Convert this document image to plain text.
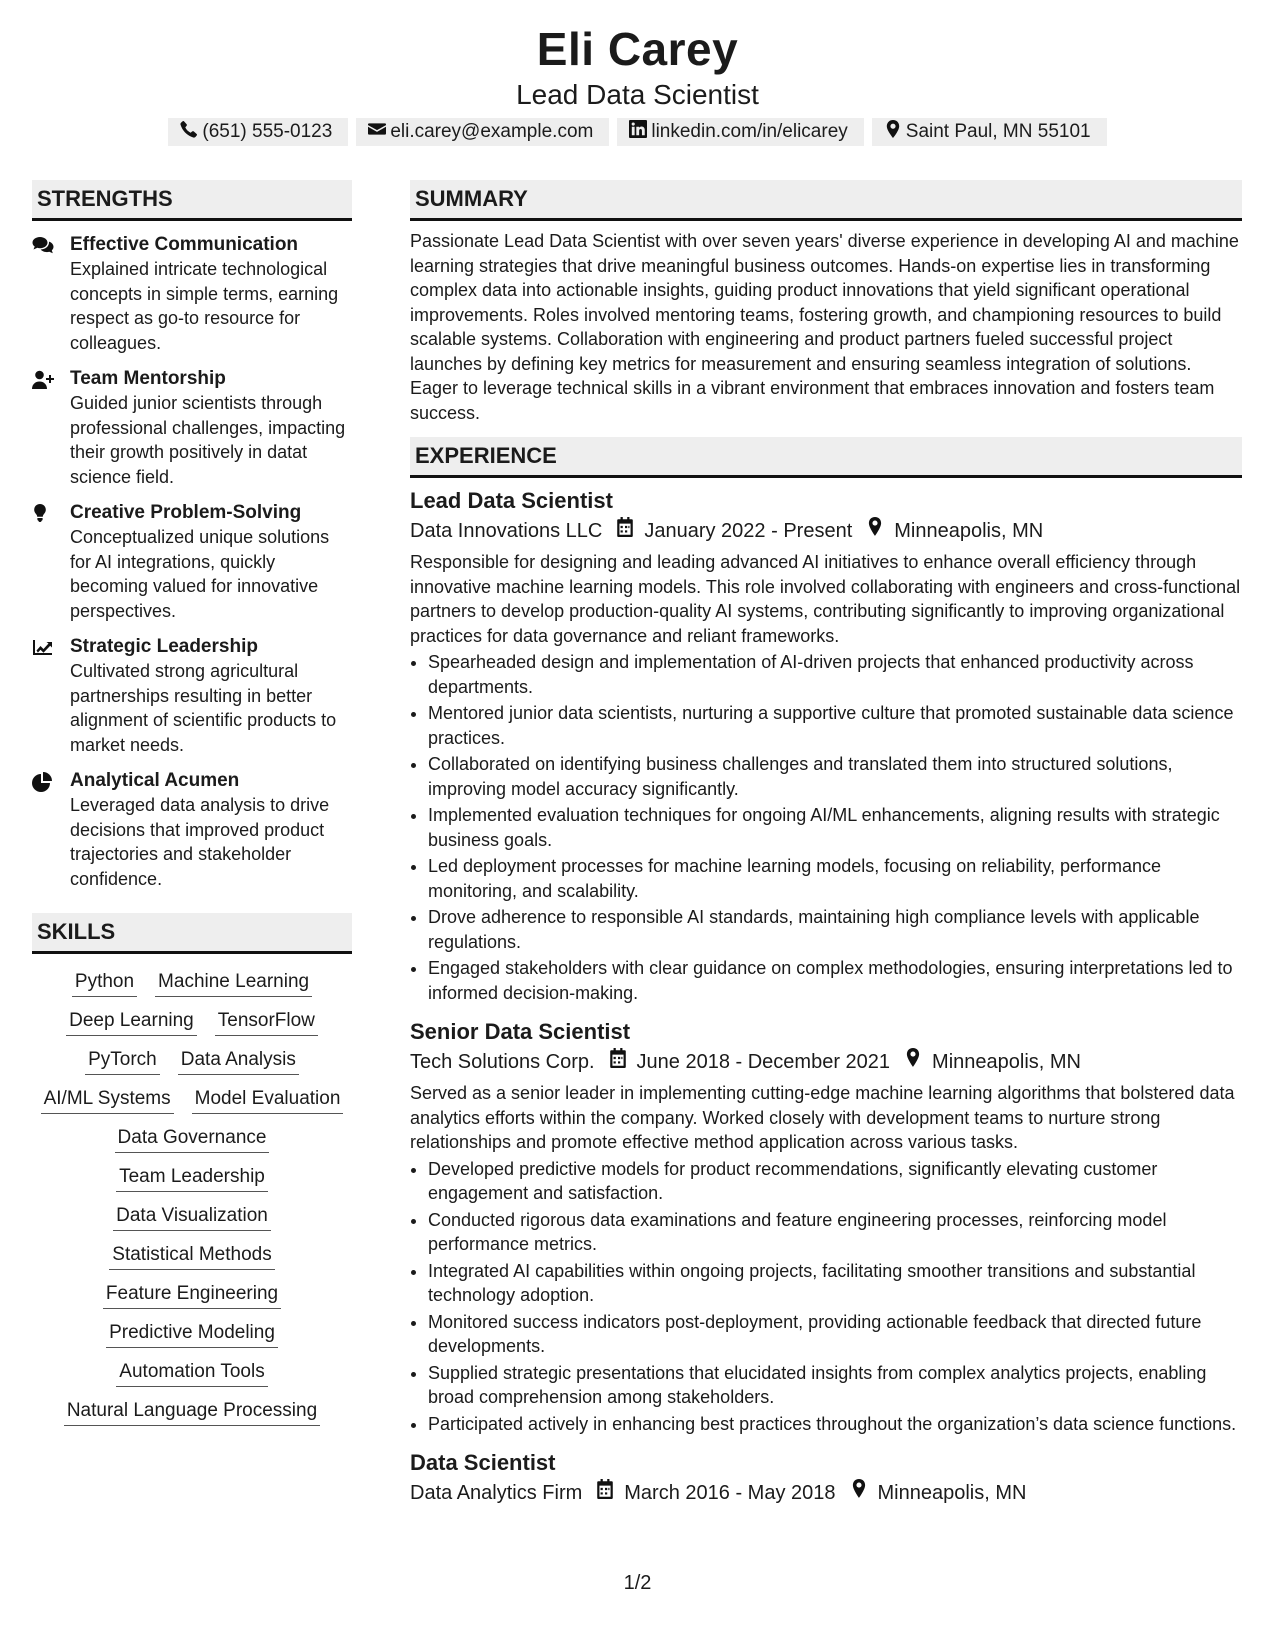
Eli Carey
Lead Data Scientist
(651) 555-0123	eli.carey@example.com	linkedin.com/in/elicarey	Saint Paul, MN 55101
STRENGTHS
Effective Communication
Explained intricate technological concepts in simple terms, earning respect as go-to resource for colleagues.
Team Mentorship
Guided junior scientists through professional challenges, impacting their growth positively in datat science field.
Creative Problem-Solving
Conceptualized unique solutions for AI integrations, quickly becoming valued for innovative perspectives.
Strategic Leadership
Cultivated strong agricultural partnerships resulting in better alignment of scientific products to market needs.
Analytical Acumen
Leveraged data analysis to drive decisions that improved product trajectories and stakeholder confidence.
SKILLS
Python Machine Learning
Deep Learning TensorFlow
PyTorch Data Analysis
AI/ML Systems Model Evaluation
Data Governance
Team Leadership
Data Visualization
Statistical Methods
Feature Engineering
Predictive Modeling
Automation Tools
Natural Language Processing
SUMMARY

Passionate Lead Data Scientist with over seven years' diverse experience in developing AI and machine learning strategies that drive meaningful business outcomes. Hands-on expertise lies in transforming complex data into actionable insights, guiding product innovations that yield significant operational improvements. Roles involved mentoring teams, fostering growth, and championing resources to build scalable systems. Collaboration with engineering and product partners fueled successful project launches by defining key metrics for measurement and ensuring seamless integration of solutions. Eager to leverage technical skills in a vibrant environment that embraces innovation and fosters team success.

EXPERIENCE
Lead Data Scientist
Data Innovations LLC January 2022 - Present Minneapolis, MN
Responsible for designing and leading advanced AI initiatives to enhance overall efficiency through innovative machine learning models. This role involved collaborating with engineers and cross-functional partners to develop production-quality AI systems, contributing significantly to improving organizational practices for data governance and reliant frameworks.
• Spearheaded design and implementation of AI-driven projects that enhanced productivity across departments.
• Mentored junior data scientists, nurturing a supportive culture that promoted sustainable data science practices.
• Collaborated on identifying business challenges and translated them into structured solutions, improving model accuracy significantly.
• Implemented evaluation techniques for ongoing AI/ML enhancements, aligning results with strategic business goals.
• Led deployment processes for machine learning models, focusing on reliability, performance monitoring, and scalability.
• Drove adherence to responsible AI standards, maintaining high compliance levels with applicable regulations.
• Engaged stakeholders with clear guidance on complex methodologies, ensuring interpretations led to informed decision-making.
Senior Data Scientist
Tech Solutions Corp. June 2018 - December 2021 Minneapolis, MN
Served as a senior leader in implementing cutting-edge machine learning algorithms that bolstered data analytics efforts within the company. Worked closely with development teams to nurture strong relationships and promote effective method application across various tasks.
• Developed predictive models for product recommendations, significantly elevating customer engagement and satisfaction.
• Conducted rigorous data examinations and feature engineering processes, reinforcing model performance metrics.
• Integrated AI capabilities within ongoing projects, facilitating smoother transitions and substantial technology adoption.
• Monitored success indicators post-deployment, providing actionable feedback that directed future developments.
• Supplied strategic presentations that elucidated insights from complex analytics projects, enabling broad comprehension among stakeholders.
• Participated actively in enhancing best practices throughout the organization’s data science functions.
Data Scientist
Data Analytics Firm March 2016 - May 2018 Minneapolis, MN
1/2
